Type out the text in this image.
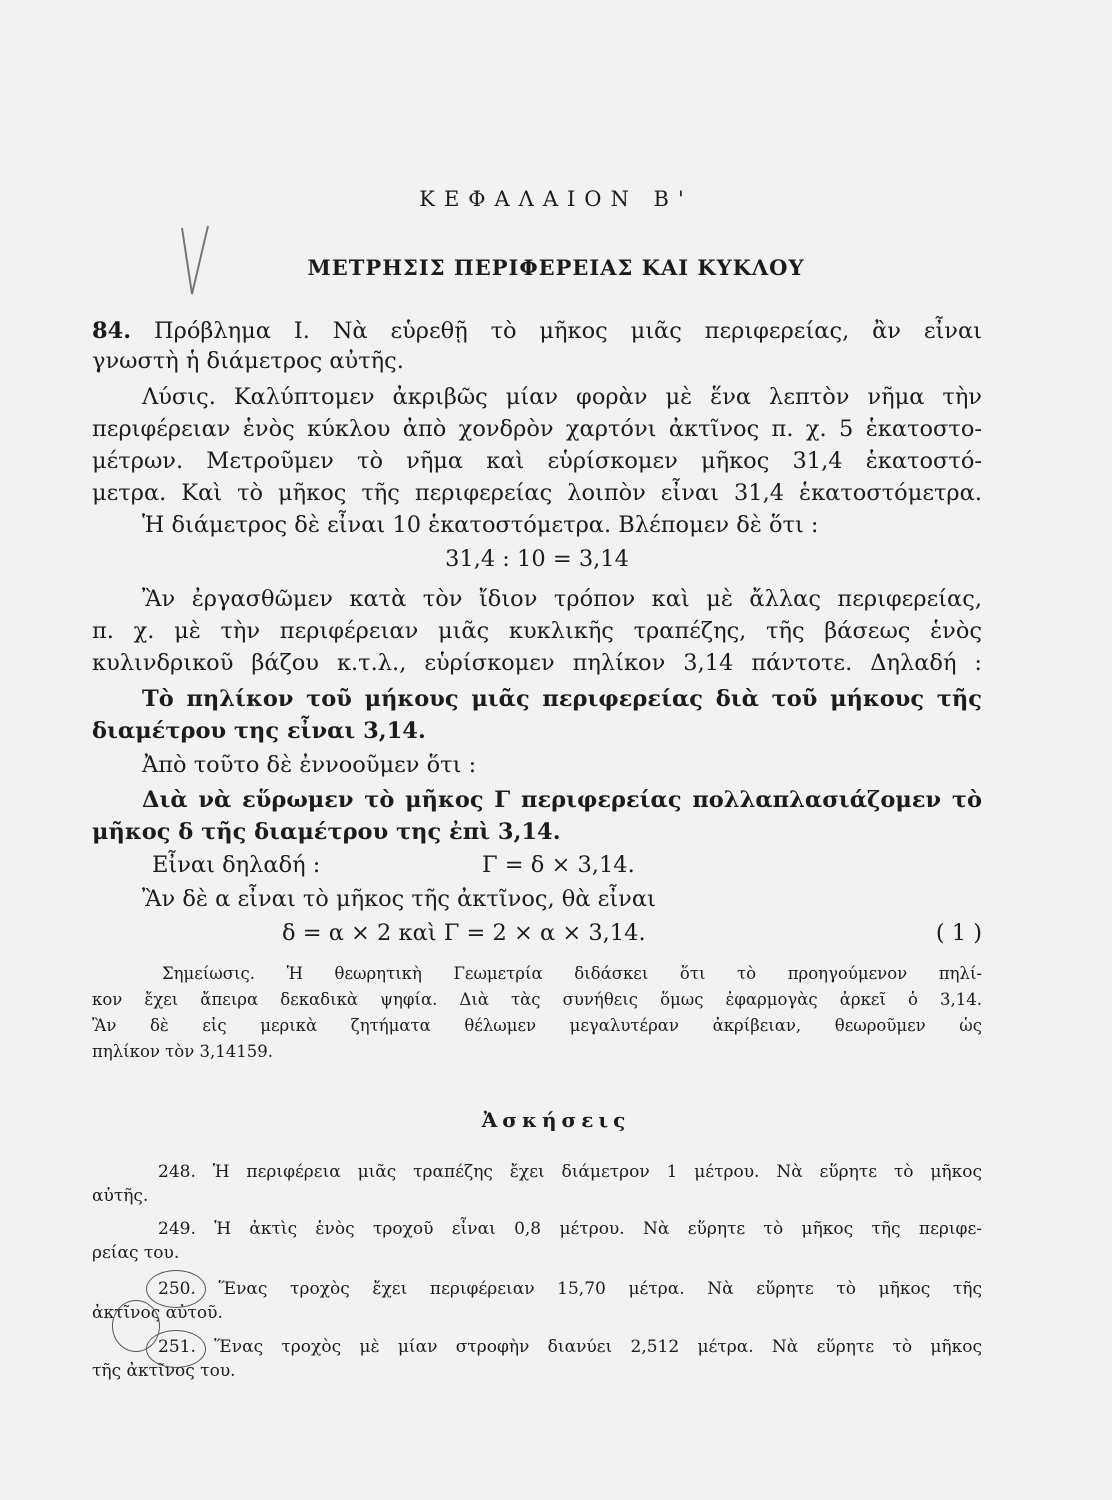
ΚΕΦΑΛΑΙΟΝ Β'
ΜΕΤΡΗΣΙΣ ΠΕΡΙΦΕΡΕΙΑΣ ΚΑΙ ΚΥΚΛΟΥ
84. Πρόβλημα Ι. Νὰ εὑρεθῇ τὸ μῆκος μιᾶς περιφερείας, ἂν εἶναι
γνωστὴ ἡ διάμετρος αὐτῆς.
Λύσις. Καλύπτομεν ἀκριβῶς μίαν φορὰν μὲ ἕνα λεπτὸν νῆμα τὴν
περιφέρειαν ἑνὸς κύκλου ἀπὸ χονδρὸν χαρτόνι ἀκτῖνος π. χ. 5 ἑκατοστο-
μέτρων. Μετροῦμεν τὸ νῆμα καὶ εὑρίσκομεν μῆκος 31,4 ἑκατοστό-
μετρα. Καὶ τὸ μῆκος τῆς περιφερείας λοιπὸν εἶναι 31,4 ἑκατοστόμετρα.
Ἡ διάμετρος δὲ εἶναι 10 ἑκατοστόμετρα. Βλέπομεν δὲ ὅτι :
31,4 : 10 = 3,14
Ἂν ἐργασθῶμεν κατὰ τὸν ἴδιον τρόπον καὶ μὲ ἄλλας περιφερείας,
π. χ. μὲ τὴν περιφέρειαν μιᾶς κυκλικῆς τραπέζης, τῆς βάσεως ἑνὸς
κυλινδρικοῦ βάζου κ.τ.λ., εὑρίσκομεν πηλίκον 3,14 πάντοτε. Δηλαδή :
Τὸ πηλίκον τοῦ μήκους μιᾶς περιφερείας διὰ τοῦ μήκους τῆς
διαμέτρου της εἶναι 3,14.
Ἀπὸ τοῦτο δὲ ἐννοοῦμεν ὅτι :
Διὰ νὰ εὕρωμεν τὸ μῆκος Γ περιφερείας πολλαπλασιάζομεν τὸ
μῆκος δ τῆς διαμέτρου της ἐπὶ 3,14.
Εἶναι δηλαδή :	Γ = δ × 3,14.
Ἂν δὲ α εἶναι τὸ μῆκος τῆς ἀκτῖνος, θὰ εἶναι
δ = α × 2 καὶ Γ = 2 × α × 3,14.	( 1 )
Σημείωσις. Ἡ θεωρητικὴ Γεωμετρία διδάσκει ὅτι τὸ προηγούμενον πηλί-
κον ἔχει ἄπειρα δεκαδικὰ ψηφία. Διὰ τὰς συνήθεις ὅμως ἐφαρμογὰς ἀρκεῖ ὁ 3,14.
Ἂν δὲ εἰς μερικὰ ζητήματα θέλωμεν μεγαλυτέραν ἀκρίβειαν, θεωροῦμεν ὡς
πηλίκον τὸν 3,14159.
Ἀσκήσεις
248. Ἡ περιφέρεια μιᾶς τραπέζης ἔχει διάμετρον 1 μέτρου. Νὰ εὕρητε τὸ μῆκος
αὐτῆς.
249. Ἡ ἀκτὶς ἑνὸς τροχοῦ εἶναι 0,8 μέτρου. Νὰ εὕρητε τὸ μῆκος τῆς περιφε-
ρείας του.
250. Ἕνας τροχὸς ἔχει περιφέρειαν 15,70 μέτρα. Νὰ εὕρητε τὸ μῆκος τῆς
ἀκτῖνος αὐτοῦ.
251. Ἕνας τροχὸς μὲ μίαν στροφὴν διανύει 2,512 μέτρα. Νὰ εὕρητε τὸ μῆκος
τῆς ἀκτῖνος του.
